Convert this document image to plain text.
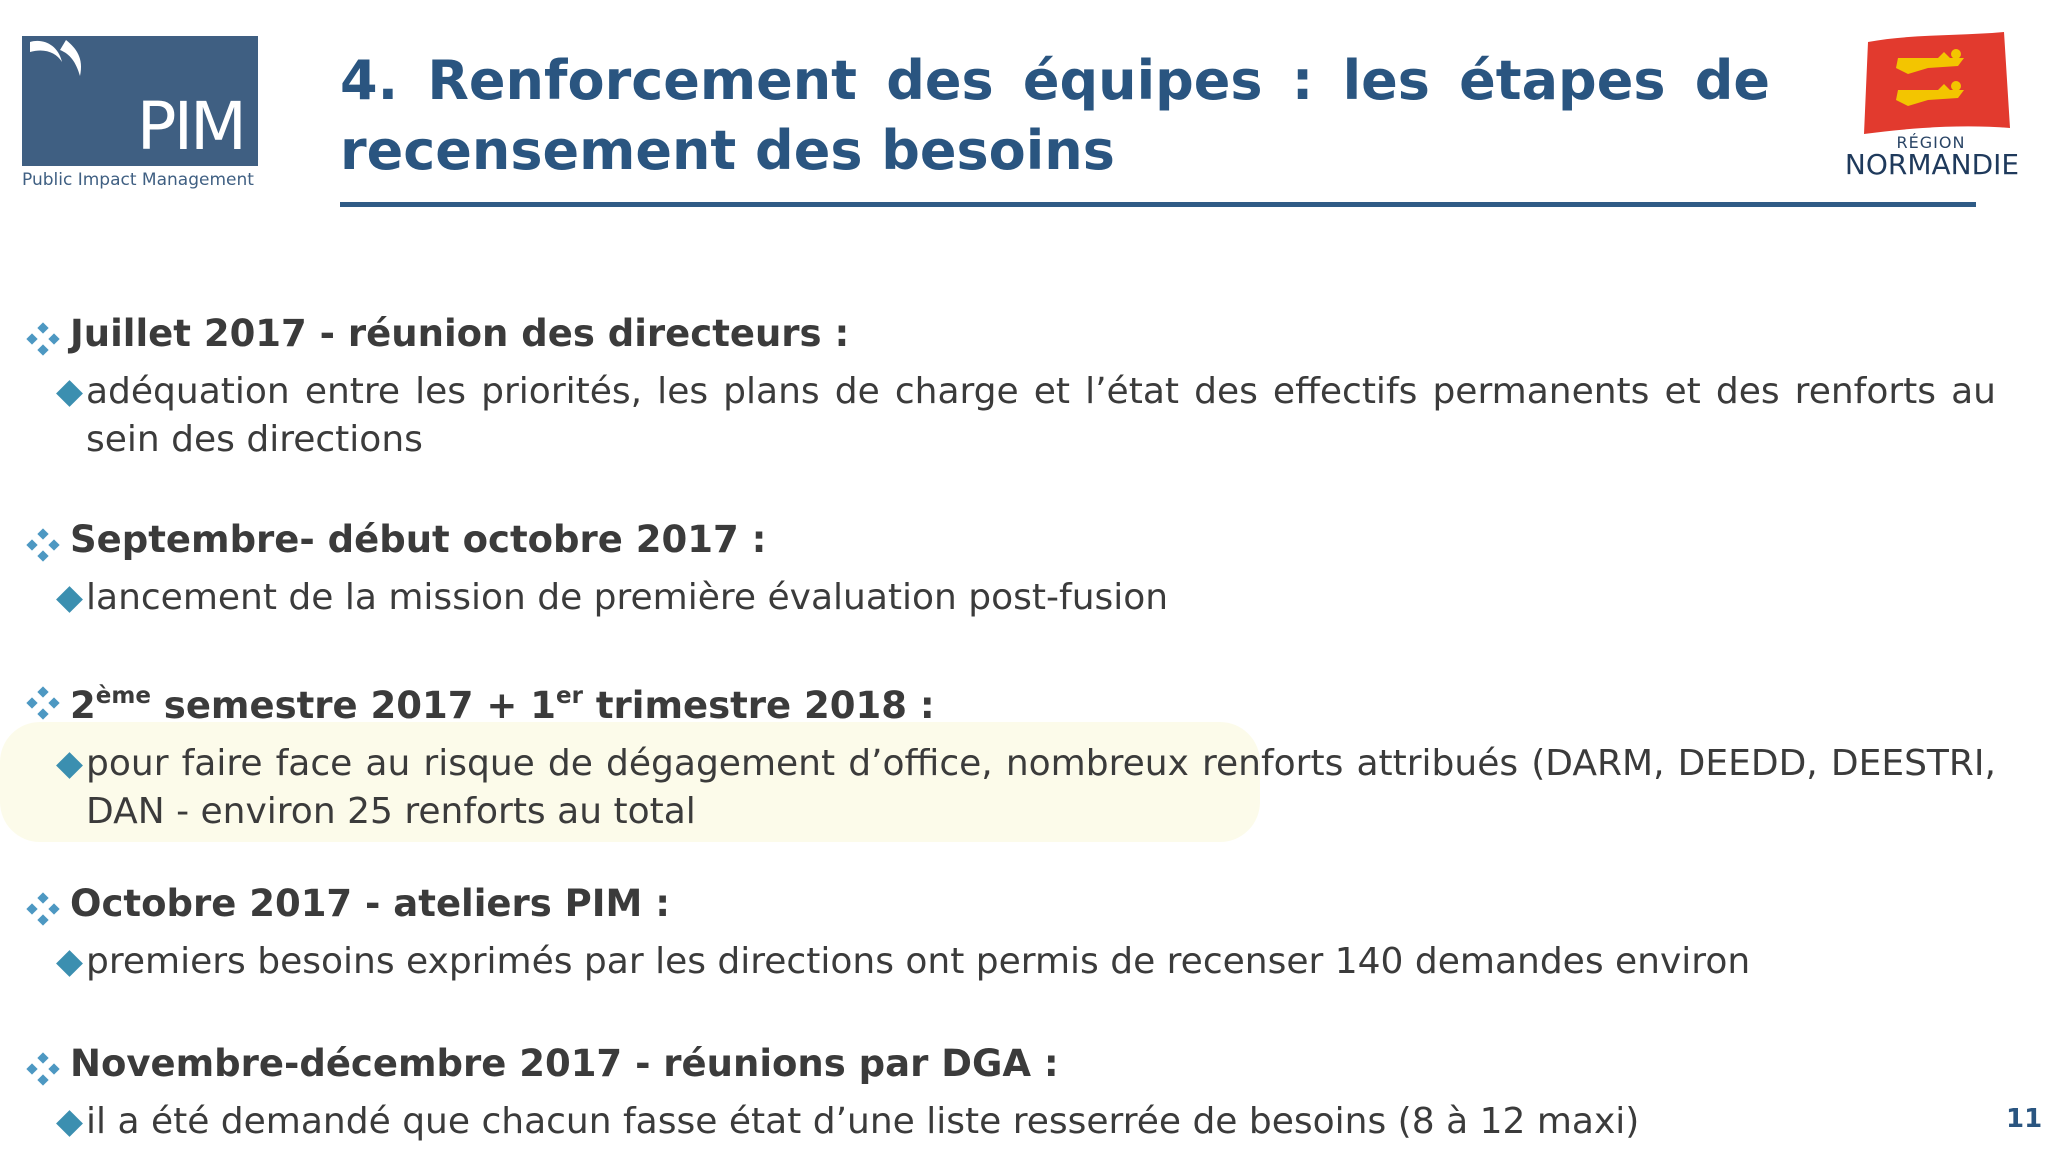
PIM
Public Impact Management
4. Renforcement des équipes : les étapes de recensement des besoins	RÉGION
NORMANDIE
Juillet 2017 - réunion des directeurs :
adéquation entre les priorités, les plans de charge et l’état des effectifs permanents et des renforts au sein des directions
Septembre- début octobre 2017 :
lancement de la mission de première évaluation post-fusion
2ème semestre 2017 + 1er trimestre 2018 :
pour faire face au risque de dégagement d’office, nombreux renforts attribués (DARM, DEEDD, DEESTRI, DAN - environ 25 renforts au total
Octobre 2017 - ateliers PIM :
premiers besoins exprimés par les directions ont permis de recenser 140 demandes environ
Novembre-décembre 2017 - réunions par DGA :
il a été demandé que chacun fasse état d’une liste resserrée de besoins (8 à 12 maxi)	11
